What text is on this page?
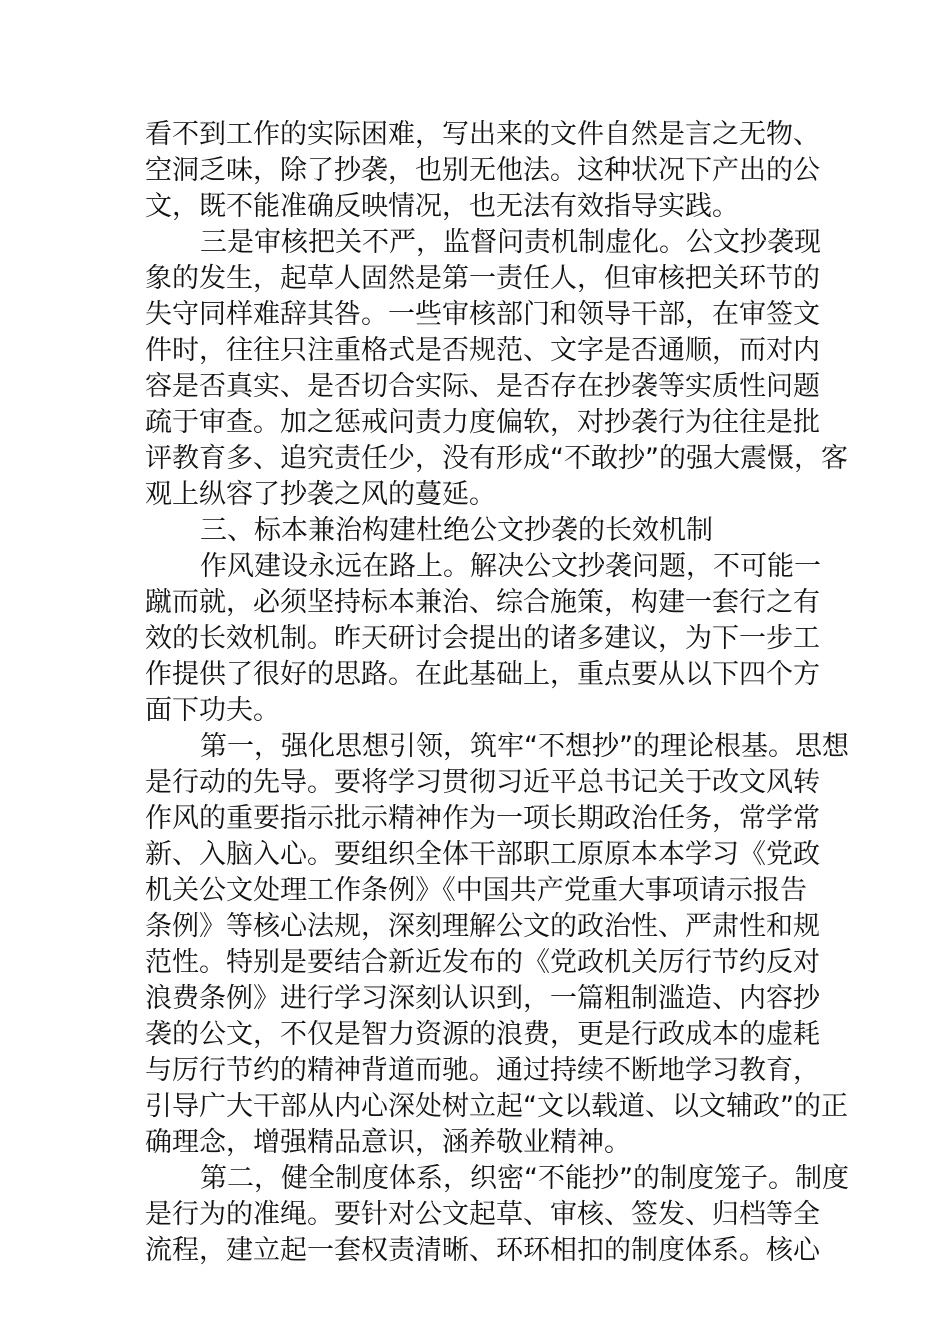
看不到工作的实际困难，写出来的文件自然是言之无物、
空洞乏味，除了抄袭，也别无他法。这种状况下产出的公
文，既不能准确反映情况，也无法有效指导实践。
三是审核把关不严，监督问责机制虚化。公文抄袭现
象的发生，起草人固然是第一责任人，但审核把关环节的
失守同样难辞其咎。一些审核部门和领导干部，在审签文
件时，往往只注重格式是否规范、文字是否通顺，而对内
容是否真实、是否切合实际、是否存在抄袭等实质性问题
疏于审查。加之惩戒问责力度偏软，对抄袭行为往往是批
评教育多、追究责任少，没有形成“不敢抄”的强大震慑，客
观上纵容了抄袭之风的蔓延。
三、标本兼治构建杜绝公文抄袭的长效机制
作风建设永远在路上。解决公文抄袭问题，不可能一
蹴而就，必须坚持标本兼治、综合施策，构建一套行之有
效的长效机制。昨天研讨会提出的诸多建议，为下一步工
作提供了很好的思路。在此基础上，重点要从以下四个方
面下功夫。
第一，强化思想引领，筑牢“不想抄”的理论根基。思想
是行动的先导。要将学习贯彻习近平总书记关于改文风转
作风的重要指示批示精神作为一项长期政治任务，常学常
新、入脑入心。要组织全体干部职工原原本本学习《党政
机关公文处理工作条例》《中国共产党重大事项请示报告
条例》等核心法规，深刻理解公文的政治性、严肃性和规
范性。特别是要结合新近发布的《党政机关厉行节约反对
浪费条例》进行学习深刻认识到，一篇粗制滥造、内容抄
袭的公文，不仅是智力资源的浪费，更是行政成本的虚耗
与厉行节约的精神背道而驰。通过持续不断地学习教育，
引导广大干部从内心深处树立起“文以载道、以文辅政”的正
确理念，增强精品意识，涵养敬业精神。
第二，健全制度体系，织密“不能抄”的制度笼子。制度
是行为的准绳。要针对公文起草、审核、签发、归档等全
流程，建立起一套权责清晰、环环相扣的制度体系。核心
